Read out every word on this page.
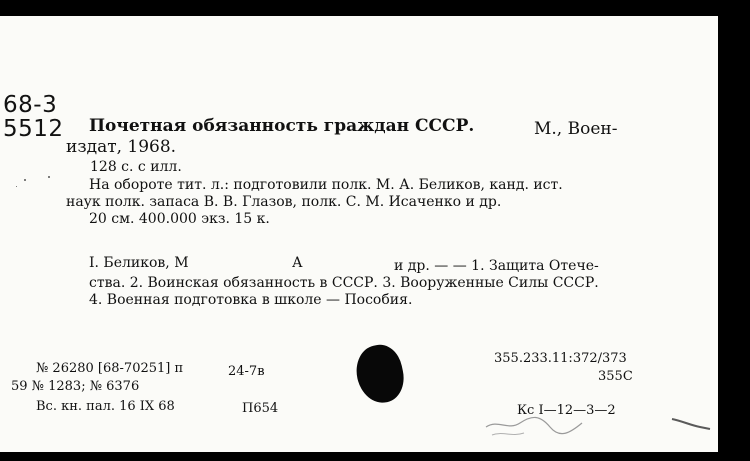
68-3
5512 Почетная обязанность граждан СССР.	М., Воен-
издат, 1968.
128 с. с илл.
На обороте тит. л.: подготовили полк. М. А. Беликов, канд. ист.
наук полк. запаса В. В. Глазов, полк. С. М. Исаченко и др.
20 см. 400.000 экз. 15 к.
I. Беликов, М	А	и др. — — 1. Защита Отече-
ства. 2. Воинская обязанность в СССР. 3. Вооруженные Силы СССР.
4. Военная подготовка в школе — Пособия.
№ 26280 [68-70251] п	24-7в
59 № 1283; № 6376
Вс. кн. пал. 16 IX 68	П654
355.233.11:372/373
355С
Кс I—12—3—2
